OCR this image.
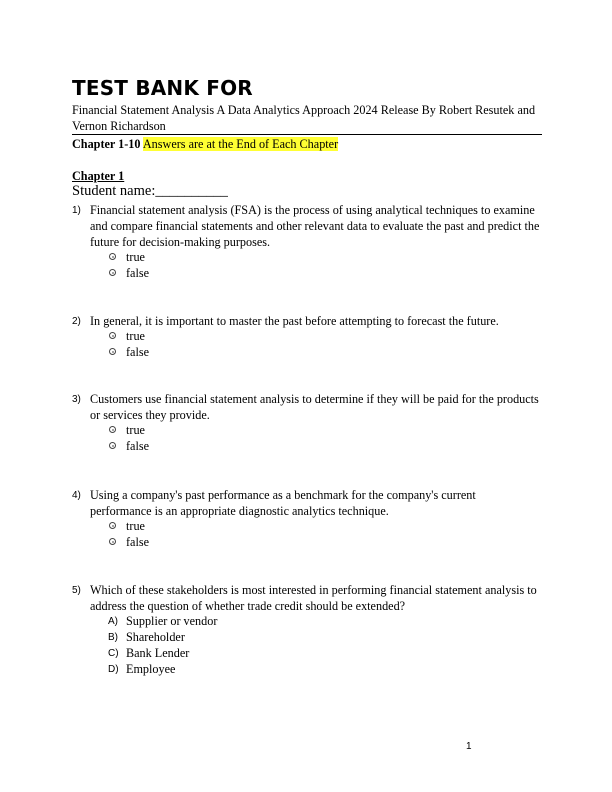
TEST BANK FOR
Financial Statement Analysis A Data Analytics Approach 2024 Release By Robert Resutek and Vernon Richardson
Chapter 1-10 Answers are at the End of Each Chapter
Chapter 1
Student name:__________
1) Financial statement analysis (FSA) is the process of using analytical techniques to examine and compare financial statements and other relevant data to evaluate the past and predict the future for decision-making purposes.
true
false
2) In general, it is important to master the past before attempting to forecast the future.
true
false
3) Customers use financial statement analysis to determine if they will be paid for the products or services they provide.
true
false
4) Using a company's past performance as a benchmark for the company's current performance is an appropriate diagnostic analytics technique.
true
false
5) Which of these stakeholders is most interested in performing financial statement analysis to address the question of whether trade credit should be extended?
A) Supplier or vendor
B) Shareholder
C) Bank Lender
D) Employee
1
